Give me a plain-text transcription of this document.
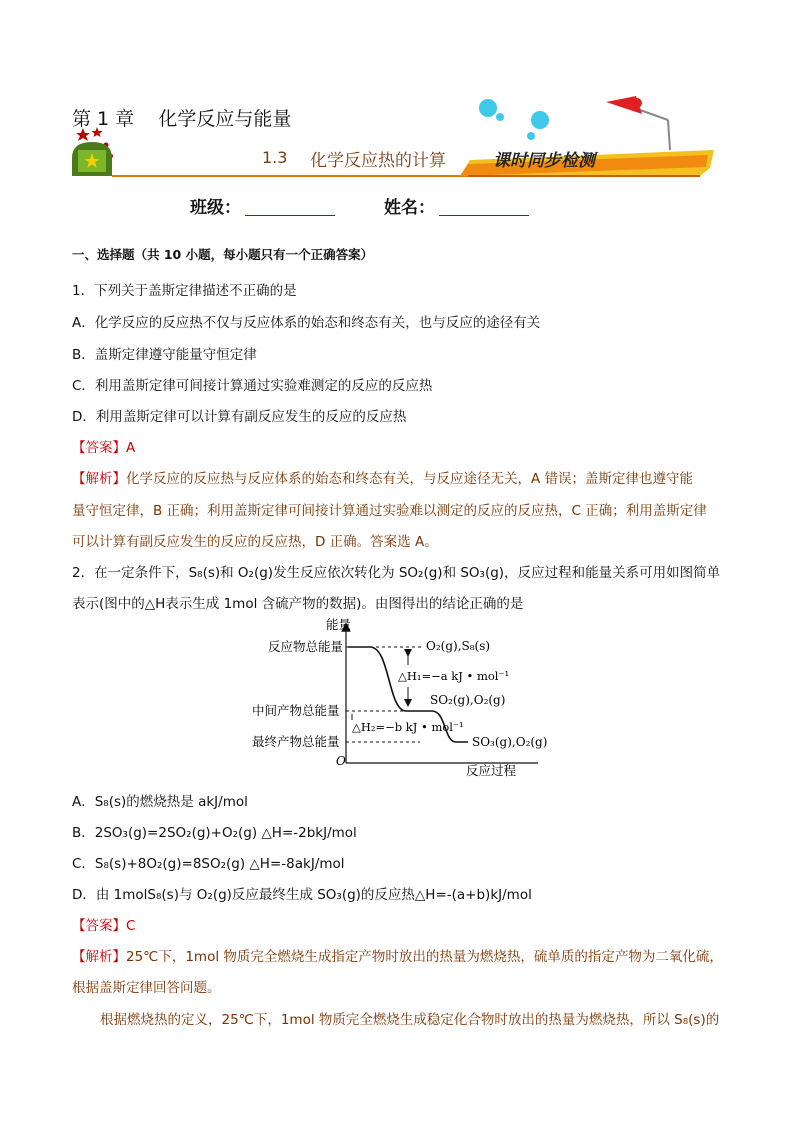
第 1 章    化学反应与能量
1.3 化学反应热的计算	课时同步检测
班级：	姓名：
一、选择题（共 10 小题，每小题只有一个正确答案）
1．下列关于盖斯定律描述不正确的是
A．化学反应的反应热不仅与反应体系的始态和终态有关，也与反应的途径有关
B．盖斯定律遵守能量守恒定律
C．利用盖斯定律可间接计算通过实验难测定的反应的反应热
D．利用盖斯定律可以计算有副反应发生的反应的反应热
【答案】A
【解析】化学反应的反应热与反应体系的始态和终态有关，与反应途径无关，A 错误；盖斯定律也遵守能
量守恒定律，B 正确；利用盖斯定律可间接计算通过实验难以测定的反应的反应热，C 正确；利用盖斯定律
可以计算有副反应发生的反应的反应热，D 正确。答案选 A。
2．在一定条件下，S₈(s)和 O₂(g)发生反应依次转化为 SO₂(g)和 SO₃(g)，反应过程和能量关系可用如图简单
表示(图中的△H表示生成 1mol 含硫产物的数据)。由图得出的结论正确的是
能量
O
反应过程
反应物总能量
中间产物总能量
最终产物总能量
O₂(g),S₈(s)
SO₂(g),O₂(g)
SO₃(g),O₂(g)
△H₁=−a kJ • mol⁻¹
△H₂=−b kJ • mol⁻¹
A．S₈(s)的燃烧热是 akJ/mol
B．2SO₃(g)=2SO₂(g)+O₂(g) △H=-2bkJ/mol
C．S₈(s)+8O₂(g)=8SO₂(g) △H=-8akJ/mol
D．由 1molS₈(s)与 O₂(g)反应最终生成 SO₃(g)的反应热△H=-(a+b)kJ/mol
【答案】C
【解析】25℃下，1mol 物质完全燃烧生成指定产物时放出的热量为燃烧热，硫单质的指定产物为二氧化硫，
根据盖斯定律回答问题。
根据燃烧热的定义，25℃下，1mol 物质完全燃烧生成稳定化合物时放出的热量为燃烧热，所以 S₈(s)的
